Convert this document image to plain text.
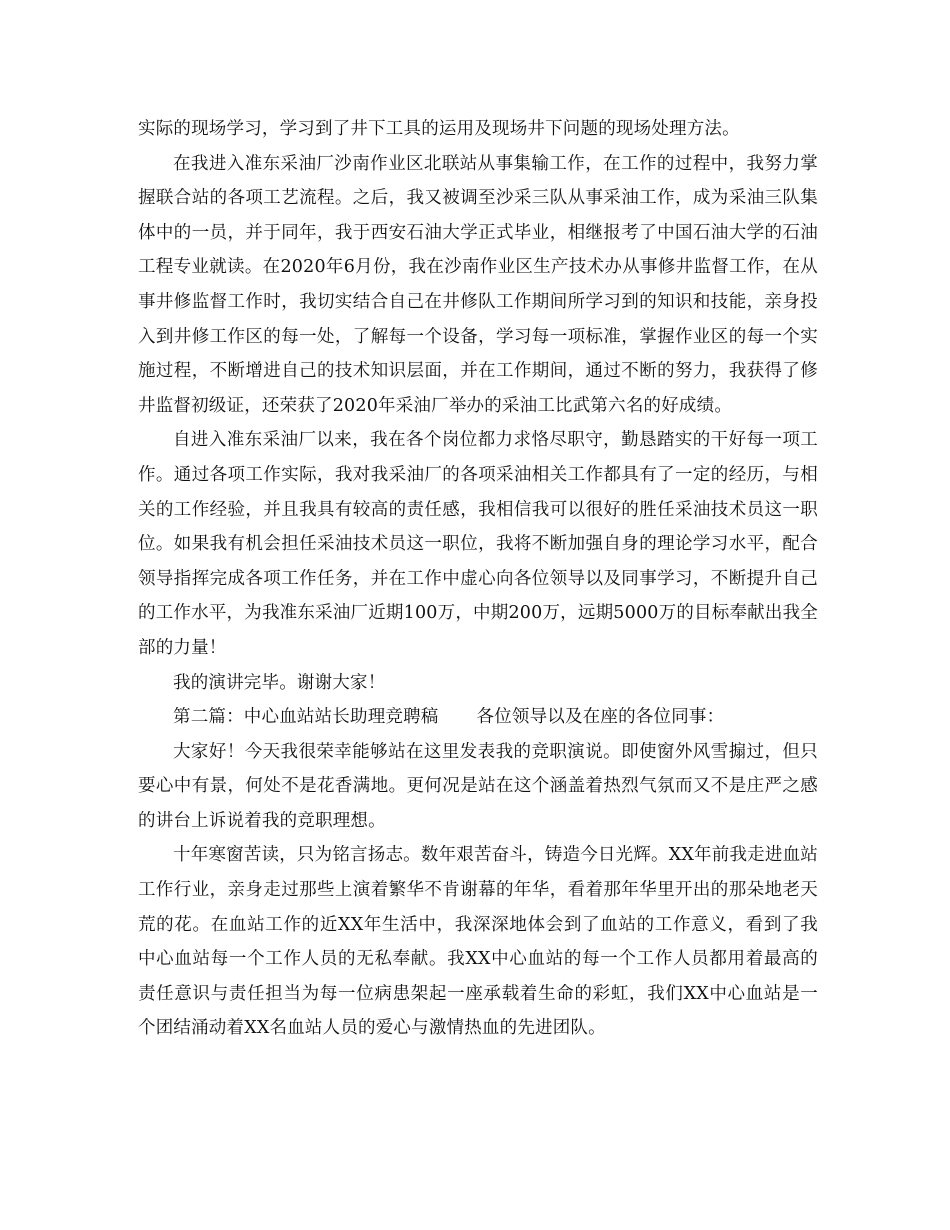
实际的现场学习，学习到了井下工具的运用及现场井下问题的现场处理方法。

在我进入准东采油厂沙南作业区北联站从事集输工作，在工作的过程中，我努力掌握联合站的各项工艺流程。之后，我又被调至沙采三队从事采油工作，成为采油三队集体中的一员，并于同年，我于西安石油大学正式毕业，相继报考了中国石油大学的石油工程专业就读。在2020年6月份，我在沙南作业区生产技术办从事修井监督工作，在从事井修监督工作时，我切实结合自己在井修队工作期间所学习到的知识和技能，亲身投入到井修工作区的每一处，了解每一个设备，学习每一项标准，掌握作业区的每一个实施过程，不断增进自己的技术知识层面，并在工作期间，通过不断的努力，我获得了修井监督初级证，还荣获了2020年采油厂举办的采油工比武第六名的好成绩。

自进入准东采油厂以来，我在各个岗位都力求恪尽职守，勤恳踏实的干好每一项工作。通过各项工作实际，我对我采油厂的各项采油相关工作都具有了一定的经历，与相关的工作经验，并且我具有较高的责任感，我相信我可以很好的胜任采油技术员这一职位。如果我有机会担任采油技术员这一职位，我将不断加强自身的理论学习水平，配合领导指挥完成各项工作任务，并在工作中虚心向各位领导以及同事学习，不断提升自己的工作水平，为我准东采油厂近期100万，中期200万，远期5000万的目标奉献出我全部的力量！

我的演讲完毕。谢谢大家！

第二篇：中心血站站长助理竞聘稿 各位领导以及在座的各位同事：

大家好！今天我很荣幸能够站在这里发表我的竞职演说。即使窗外风雪搧过，但只要心中有景，何处不是花香满地。更何况是站在这个涵盖着热烈气氛而又不是庄严之感的讲台上诉说着我的竞职理想。

十年寒窗苦读，只为铭言扬志。数年艰苦奋斗，铸造今日光辉。XX年前我走进血站工作行业，亲身走过那些上演着繁华不肯谢幕的年华，看着那年华里开出的那朵地老天荒的花。在血站工作的近XX年生活中，我深深地体会到了血站的工作意义，看到了我中心血站每一个工作人员的无私奉献。我XX中心血站的每一个工作人员都用着最高的责任意识与责任担当为每一位病患架起一座承载着生命的彩虹，我们XX中心血站是一个团结涌动着XX名血站人员的爱心与激情热血的先进团队。
